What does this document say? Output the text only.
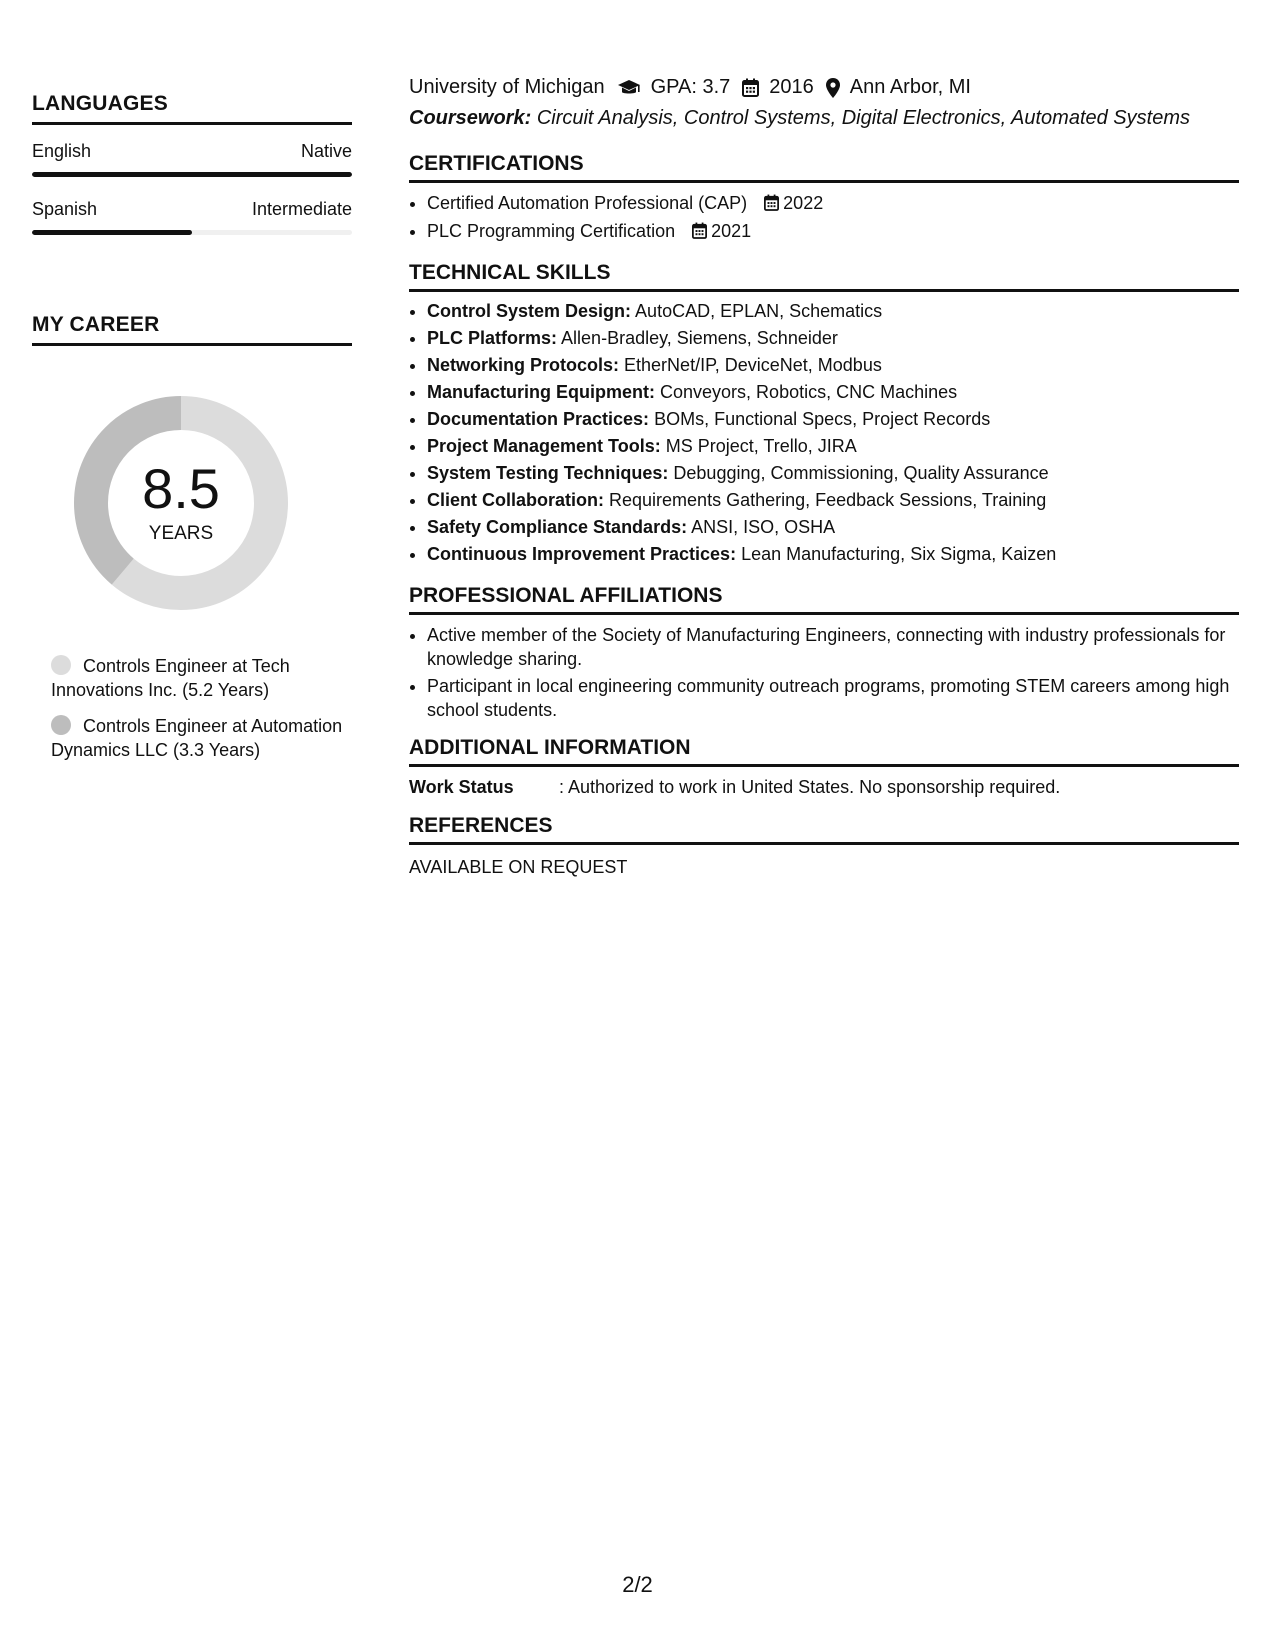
LANGUAGES
English	Native
Spanish	Intermediate
MY CAREER
8.5
YEARS
Controls Engineer at Tech Innovations Inc. (5.2 Years)
Controls Engineer at Automation Dynamics LLC (3.3 Years)
University of Michigan GPA: 3.7 2016 Ann Arbor, MI
Coursework: Circuit Analysis, Control Systems, Digital Electronics, Automated Systems
CERTIFICATIONS
• Certified Automation Professional (CAP) 2022
• PLC Programming Certification 2021
TECHNICAL SKILLS
• Control System Design: AutoCAD, EPLAN, Schematics
• PLC Platforms: Allen-Bradley, Siemens, Schneider
• Networking Protocols: EtherNet/IP, DeviceNet, Modbus
• Manufacturing Equipment: Conveyors, Robotics, CNC Machines
• Documentation Practices: BOMs, Functional Specs, Project Records
• Project Management Tools: MS Project, Trello, JIRA
• System Testing Techniques: Debugging, Commissioning, Quality Assurance
• Client Collaboration: Requirements Gathering, Feedback Sessions, Training
• Safety Compliance Standards: ANSI, ISO, OSHA
• Continuous Improvement Practices: Lean Manufacturing, Six Sigma, Kaizen
PROFESSIONAL AFFILIATIONS
• Active member of the Society of Manufacturing Engineers, connecting with industry professionals for knowledge sharing.
• Participant in local engineering community outreach programs, promoting STEM careers among high school students.
ADDITIONAL INFORMATION
Work Status	: Authorized to work in United States. No sponsorship required.
REFERENCES
AVAILABLE ON REQUEST
2/2
